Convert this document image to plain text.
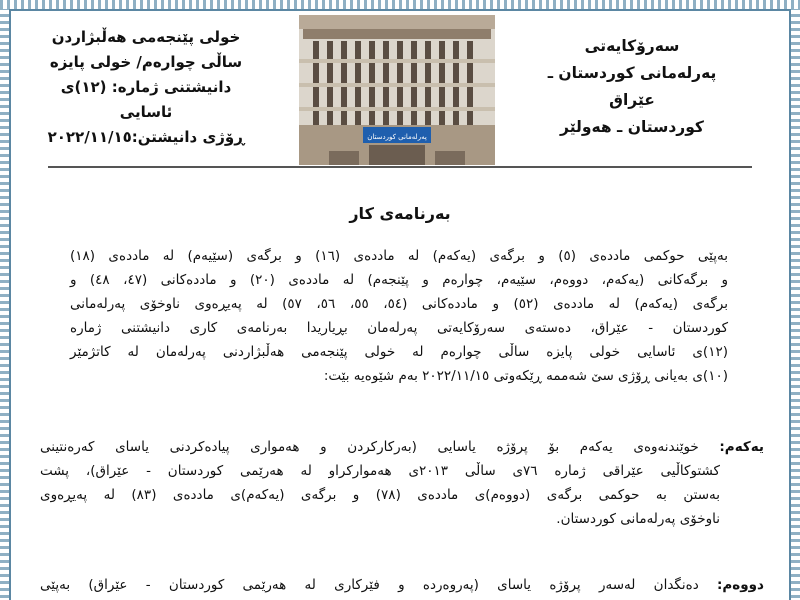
خولی پێنجەمی هەڵبژاردن
ساڵی چوارەم/ خولی پایزە
دانیشتنی ژمارە: (١٢)ی ئاسایی
ڕۆژی دانیشتن:٢٠٢٢/١١/١٥	پەرلەمانی کوردستان
سەرۆکایەتی
پەرلەمانی کوردستان ـ عێراق
کوردستان ـ هەولێر
بەرنامەی کار

بەپێی حوکمی ماددەی (٥) و برگەی (یەکەم) لە ماددەی (١٦) و برگەی (سێیەم) لە ماددەی (١٨)

و برگەکانی (یەکەم، دووەم، سێیەم، چوارەم و پێنجەم) لە ماددەی (٢٠) و ماددەکانی (٤٧، ٤٨) و

برگەی (یەکەم) لە ماددەی (٥٢) و ماددەکانی (٥٤، ٥٥، ٥٦، ٥٧) لە پەیڕەوی ناوخۆی پەرلەمانی

کوردستان - عێراق، دەستەی سەرۆکایەتی پەرلەمان بڕیاریدا بەرنامەی کاری دانیشتنی ژمارە

(١٢)ی ئاسایی خولی پایزە ساڵی چوارەم لە خولی پێنجەمی هەڵبژاردنی پەرلەمان لە کاتژمێر

(١٠)ی بەیانی ڕۆژی سێ شەممە ڕێکەوتی ٢٠٢٢/١١/١٥ بەم شێوەیە بێت:

یەکەم: خوێندنەوەی یەکەم بۆ پرۆژە یاسایی (بەرکارکردن و هەمواری پیادەکردنی یاسای کەرەنتینی
کشتوکاڵیی عێراقی ژمارە ٧٦ی ساڵی ٢٠١٣ی هەموارکراو لە هەرێمی کوردستان - عێراق)، پشت
بەستن بە حوکمی برگەی (دووەم)ی ماددەی (٧٨) و برگەی (یەکەم)ی ماددەی (٨٣) لە پەیڕەوی
ناوخۆی پەرلەمانی کوردستان.
دووەم: دەنگدان لەسەر پرۆژە یاسای (پەروەردە و فێرکاری لە هەرێمی کوردستان - عێراق) بەپێی
